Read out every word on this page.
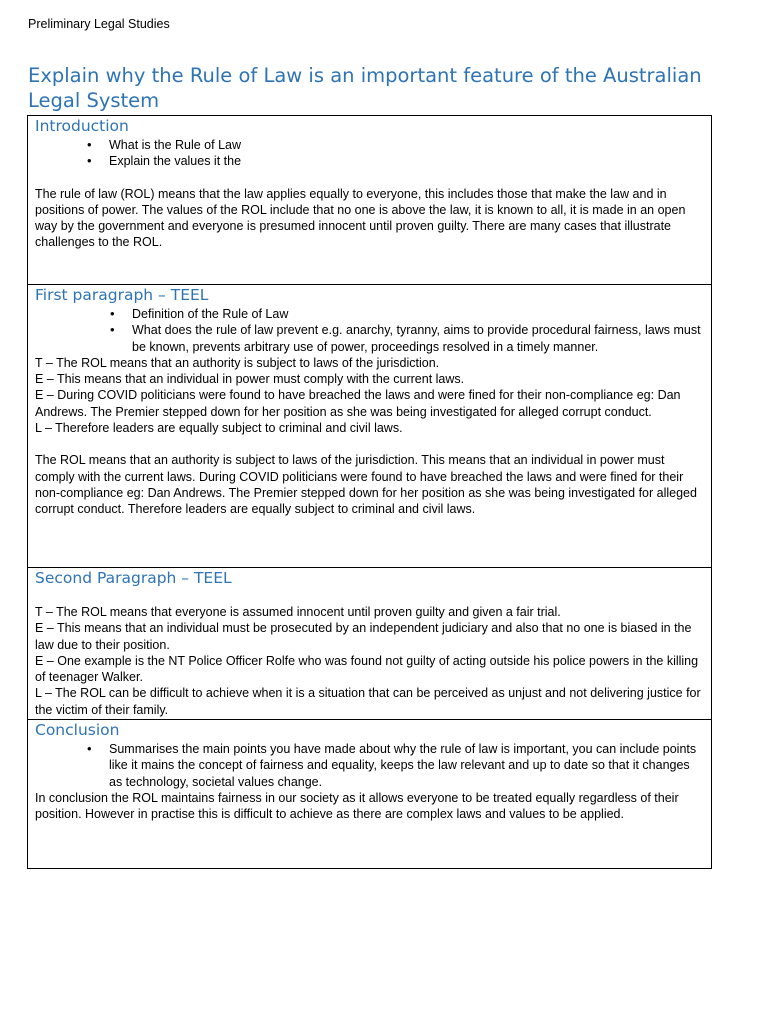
Preliminary Legal Studies
Explain why the Rule of Law is an important feature of the Australian Legal System
Introduction
• What is the Rule of Law
• Explain the values it the

The rule of law (ROL) means that the law applies equally to everyone, this includes those that make the law and in positions of power. The values of the ROL include that no one is above the law, it is known to all, it is made in an open way by the government and everyone is presumed innocent until proven guilty. There are many cases that illustrate challenges to the ROL.

First paragraph – TEEL
• Definition of the Rule of Law
• What does the rule of law prevent e.g. anarchy, tyranny, aims to provide procedural fairness, laws must be known, prevents arbitrary use of power, proceedings resolved in a timely manner.

T – The ROL means that an authority is subject to laws of the jurisdiction.

E – This means that an individual in power must comply with the current laws.

E – During COVID politicians were found to have breached the laws and were fined for their non-compliance eg: Dan Andrews. The Premier stepped down for her position as she was being investigated for alleged corrupt conduct.

L – Therefore leaders are equally subject to criminal and civil laws.

The ROL means that an authority is subject to laws of the jurisdiction. This means that an individual in power must comply with the current laws. During COVID politicians were found to have breached the laws and were fined for their non-compliance eg: Dan Andrews. The Premier stepped down for her position as she was being investigated for alleged corrupt conduct. Therefore leaders are equally subject to criminal and civil laws.

Second Paragraph – TEEL

T – The ROL means that everyone is assumed innocent until proven guilty and given a fair trial.

E – This means that an individual must be prosecuted by an independent judiciary and also that no one is biased in the law due to their position.

E – One example is the NT Police Officer Rolfe who was found not guilty of acting outside his police powers in the killing of teenager Walker.

L – The ROL can be difficult to achieve when it is a situation that can be perceived as unjust and not delivering justice for the victim of their family.

Conclusion
• Summarises the main points you have made about why the rule of law is important, you can include points like it mains the concept of fairness and equality, keeps the law relevant and up to date so that it changes as technology, societal values change.

In conclusion the ROL maintains fairness in our society as it allows everyone to be treated equally regardless of their position. However in practise this is difficult to achieve as there are complex laws and values to be applied.
